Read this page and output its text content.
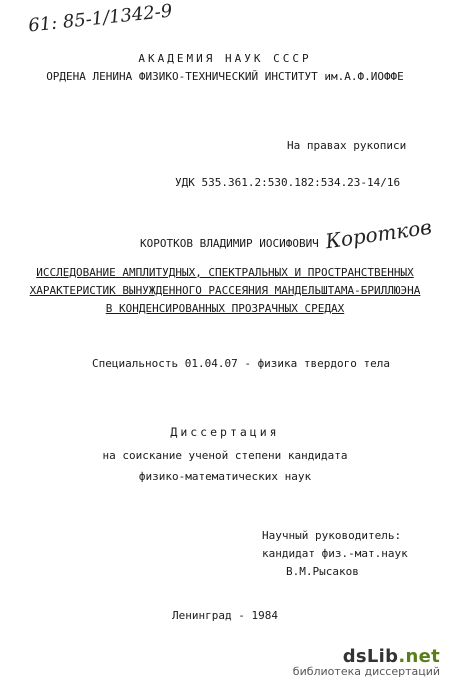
61: 85-1/1342-9
АКАДЕМИЯ НАУК СССР
ОРДЕНА ЛЕНИНА ФИЗИКО-ТЕХНИЧЕСКИЙ ИНСТИТУТ им.А.Ф.ИОФФЕ
На правах рукописи
УДК 535.361.2:530.182:534.23-14/16
КОРОТКОВ ВЛАДИМИР ИОСИФОВИЧ Коротков
ИССЛЕДОВАНИЕ АМПЛИТУДНЫХ, СПЕКТРАЛЬНЫХ И ПРОСТРАНСТВЕННЫХ
ХАРАКТЕРИСТИК ВЫНУЖДЕННОГО РАССЕЯНИЯ МАНДЕЛЬШТАМА-БРИЛЛЮЭНА
В КОНДЕНСИРОВАННЫХ ПРОЗРАЧНЫХ СРЕДАХ
Специальность 01.04.07 - физика твердого тела
Диссертация
на соискание ученой степени кандидата
физико-математических наук
Научный руководитель:
кандидат физ.-мат.наук
В.М.Рысаков
Ленинград - 1984
dsLib.net
библиотека диссертаций
